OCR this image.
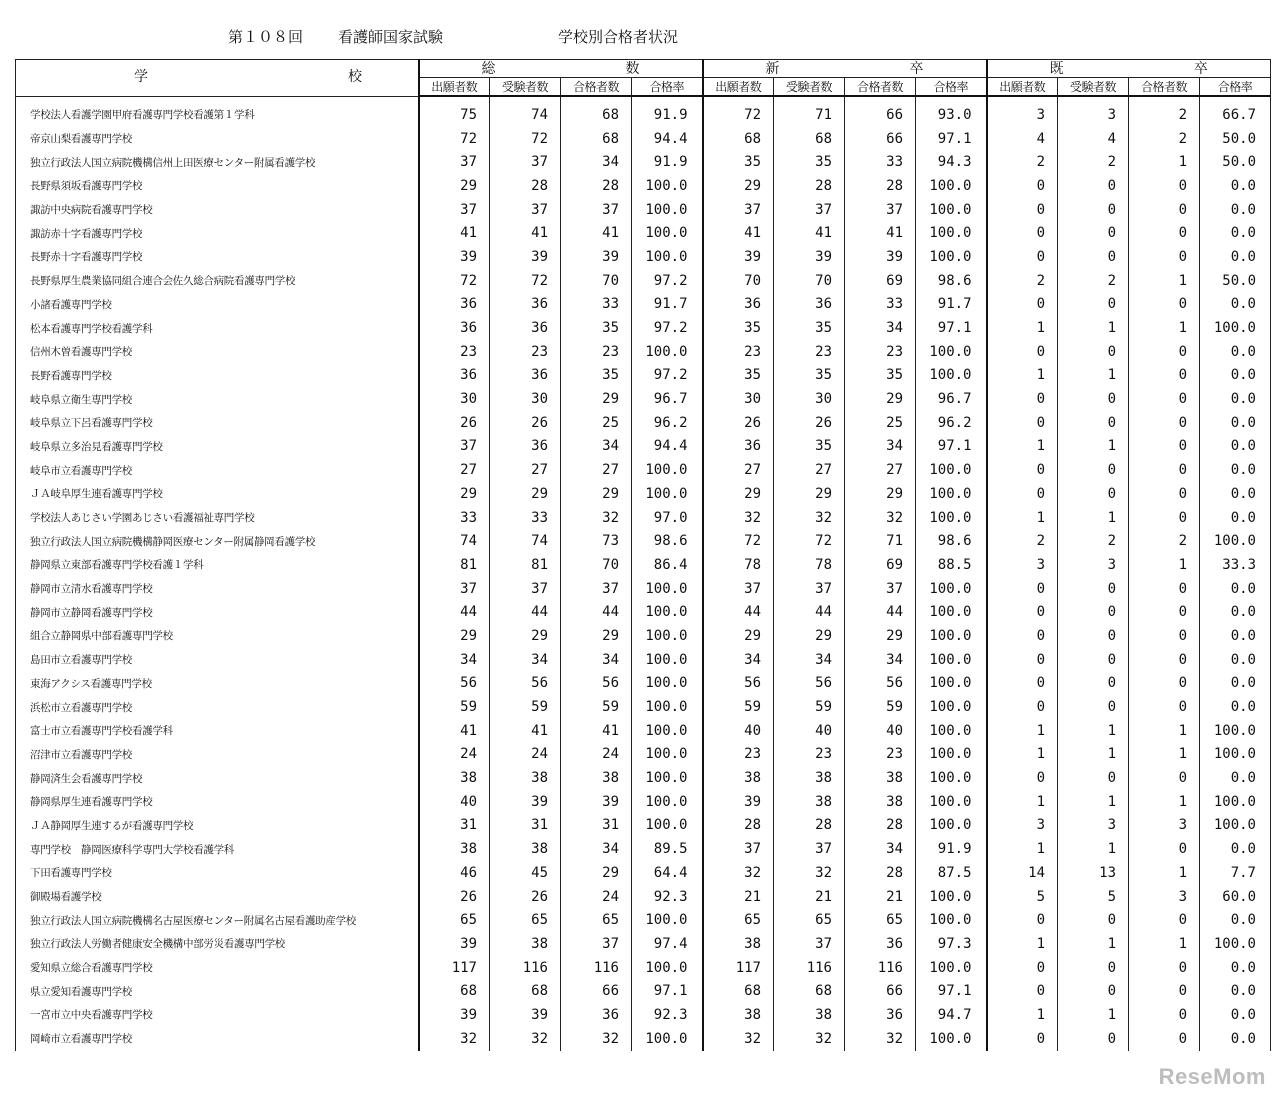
第１０８回 看護師国家試験	学校別合格者状況
学 校	総 数				新 卒				既 卒			

	出願者数	受験者数	合格者数	合格率	出願者数	受験者数	合格者数	合格率	出願者数	受験者数	合格者数	合格率
学校法人看護学園甲府看護専門学校看護第１学科	75	74	68	91.9	72	71	66	93.0	3	3	2	66.7
帝京山梨看護専門学校	72	72	68	94.4	68	68	66	97.1	4	4	2	50.0
独立行政法人国立病院機構信州上田医療センター附属看護学校	37	37	34	91.9	35	35	33	94.3	2	2	1	50.0
長野県須坂看護専門学校	29	28	28	100.0	29	28	28	100.0	0	0	0	0.0
諏訪中央病院看護専門学校	37	37	37	100.0	37	37	37	100.0	0	0	0	0.0
諏訪赤十字看護専門学校	41	41	41	100.0	41	41	41	100.0	0	0	0	0.0
長野赤十字看護専門学校	39	39	39	100.0	39	39	39	100.0	0	0	0	0.0
長野県厚生農業協同組合連合会佐久総合病院看護専門学校	72	72	70	97.2	70	70	69	98.6	2	2	1	50.0
小諸看護専門学校	36	36	33	91.7	36	36	33	91.7	0	0	0	0.0
松本看護専門学校看護学科	36	36	35	97.2	35	35	34	97.1	1	1	1	100.0
信州木曽看護専門学校	23	23	23	100.0	23	23	23	100.0	0	0	0	0.0
長野看護専門学校	36	36	35	97.2	35	35	35	100.0	1	1	0	0.0
岐阜県立衛生専門学校	30	30	29	96.7	30	30	29	96.7	0	0	0	0.0
岐阜県立下呂看護専門学校	26	26	25	96.2	26	26	25	96.2	0	0	0	0.0
岐阜県立多治見看護専門学校	37	36	34	94.4	36	35	34	97.1	1	1	0	0.0
岐阜市立看護専門学校	27	27	27	100.0	27	27	27	100.0	0	0	0	0.0
ＪＡ岐阜厚生連看護専門学校	29	29	29	100.0	29	29	29	100.0	0	0	0	0.0
学校法人あじさい学園あじさい看護福祉専門学校	33	33	32	97.0	32	32	32	100.0	1	1	0	0.0
独立行政法人国立病院機構静岡医療センター附属静岡看護学校	74	74	73	98.6	72	72	71	98.6	2	2	2	100.0
静岡県立東部看護専門学校看護１学科	81	81	70	86.4	78	78	69	88.5	3	3	1	33.3
静岡市立清水看護専門学校	37	37	37	100.0	37	37	37	100.0	0	0	0	0.0
静岡市立静岡看護専門学校	44	44	44	100.0	44	44	44	100.0	0	0	0	0.0
組合立静岡県中部看護専門学校	29	29	29	100.0	29	29	29	100.0	0	0	0	0.0
島田市立看護専門学校	34	34	34	100.0	34	34	34	100.0	0	0	0	0.0
東海アクシス看護専門学校	56	56	56	100.0	56	56	56	100.0	0	0	0	0.0
浜松市立看護専門学校	59	59	59	100.0	59	59	59	100.0	0	0	0	0.0
富士市立看護専門学校看護学科	41	41	41	100.0	40	40	40	100.0	1	1	1	100.0
沼津市立看護専門学校	24	24	24	100.0	23	23	23	100.0	1	1	1	100.0
静岡済生会看護専門学校	38	38	38	100.0	38	38	38	100.0	0	0	0	0.0
静岡県厚生連看護専門学校	40	39	39	100.0	39	38	38	100.0	1	1	1	100.0
ＪＡ静岡厚生連するが看護専門学校	31	31	31	100.0	28	28	28	100.0	3	3	3	100.0
専門学校　静岡医療科学専門大学校看護学科	38	38	34	89.5	37	37	34	91.9	1	1	0	0.0
下田看護専門学校	46	45	29	64.4	32	32	28	87.5	14	13	1	7.7
御殿場看護学校	26	26	24	92.3	21	21	21	100.0	5	5	3	60.0
独立行政法人国立病院機構名古屋医療センター附属名古屋看護助産学校	65	65	65	100.0	65	65	65	100.0	0	0	0	0.0
独立行政法人労働者健康安全機構中部労災看護専門学校	39	38	37	97.4	38	37	36	97.3	1	1	1	100.0
愛知県立総合看護専門学校	117	116	116	100.0	117	116	116	100.0	0	0	0	0.0
県立愛知看護専門学校	68	68	66	97.1	68	68	66	97.1	0	0	0	0.0
一宮市立中央看護専門学校	39	39	36	92.3	38	38	36	94.7	1	1	0	0.0
岡崎市立看護専門学校	32	32	32	100.0	32	32	32	100.0	0	0	0	0.0
ReseMom
